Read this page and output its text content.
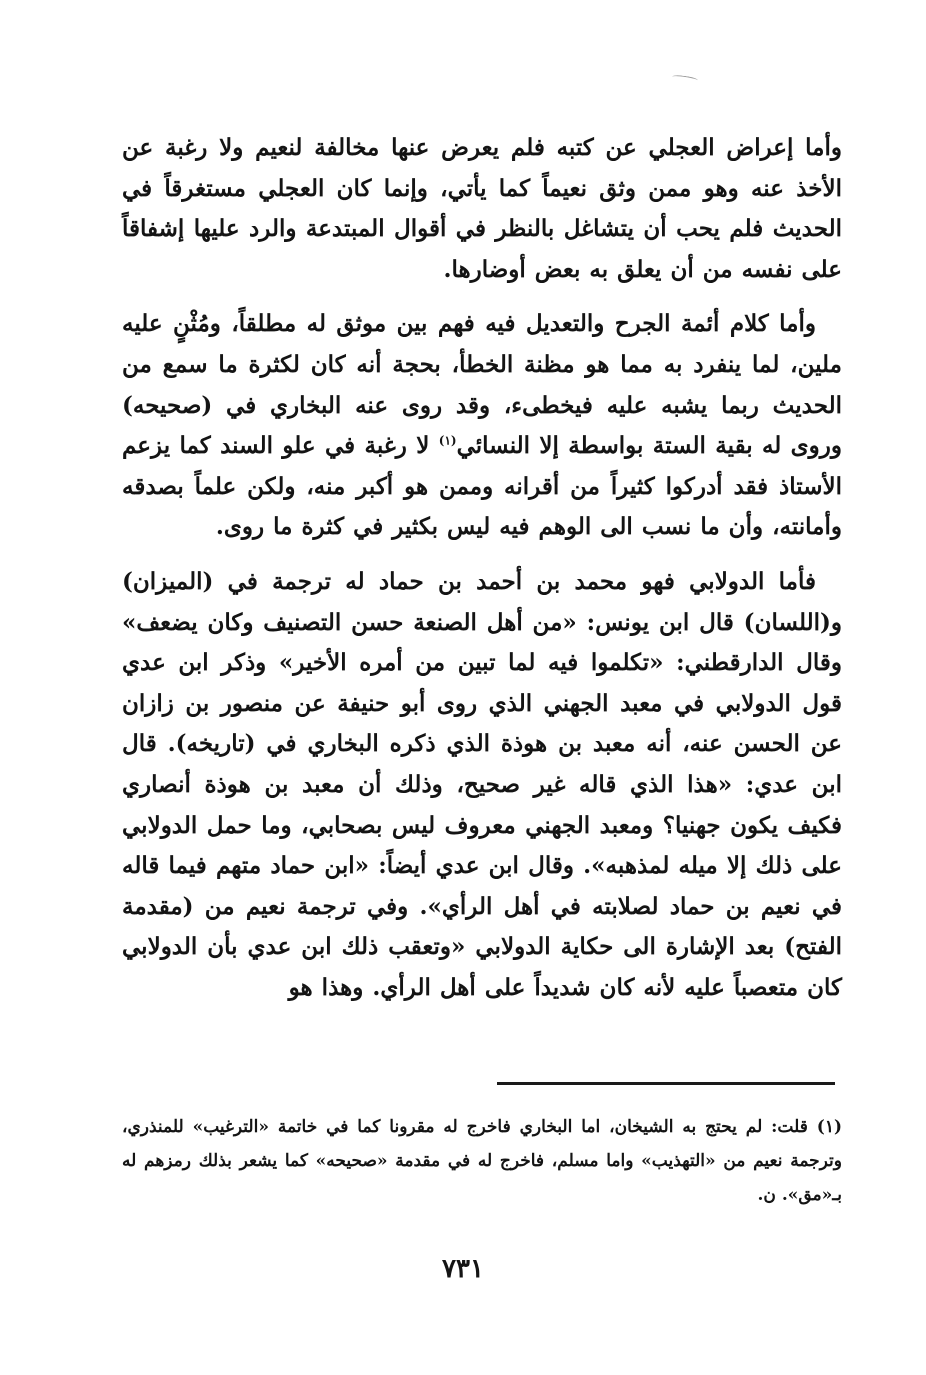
وأما إعراض العجلي عن كتبه فلم يعرض عنها مخالفة لنعيم ولا رغبة عن الأخذ عنه وهو ممن وثق نعيماً كما يأتي، وإنما كان العجلي مستغرقاً في الحديث فلم يحب أن يتشاغل بالنظر في أقوال المبتدعة والرد عليها إشفاقاً على نفسه من أن يعلق به بعض أوضارها.

وأما كلام أئمة الجرح والتعديل فيه فهم بين موثق له مطلقاً، ومُثْنٍ عليه ملين، لما ينفرد به مما هو مظنة الخطأ، بحجة أنه كان لكثرة ما سمع من الحديث ربما يشبه عليه فيخطىء، وقد روى عنه البخاري في (صحيحه) وروى له بقية الستة بواسطة إلا النسائي$^{(١)}$ لا رغبة في علو السند كما يزعم الأستاذ فقد أدركوا كثيراً من أقرانه وممن هو أكبر منه، ولكن علماً بصدقه وأمانته، وأن ما نسب الى الوهم فيه ليس بكثير في كثرة ما روى.

فأما الدولابي فهو محمد بن أحمد بن حماد له ترجمة في (الميزان) و(اللسان) قال ابن يونس: «من أهل الصنعة حسن التصنيف وكان يضعف» وقال الدارقطني: «تكلموا فيه لما تبين من أمره الأخير» وذكر ابن عدي قول الدولابي في معبد الجهني الذي روى أبو حنيفة عن منصور بن زازان عن الحسن عنه، أنه معبد بن هوذة الذي ذكره البخاري في (تاريخه). قال ابن عدي: «هذا الذي قاله غير صحيح، وذلك أن معبد بن هوذة أنصاري فكيف يكون جهنيا؟ ومعبد الجهني معروف ليس بصحابي، وما حمل الدولابي على ذلك إلا ميله لمذهبه». وقال ابن عدي أيضاً: «ابن حماد متهم فيما قاله في نعيم بن حماد لصلابته في أهل الرأي». وفي ترجمة نعيم من (مقدمة الفتح) بعد الإشارة الى حكاية الدولابي «وتعقب ذلك ابن عدي بأن الدولابي كان متعصباً عليه لأنه كان شديداً على أهل الرأي. وهذا هو

(١) قلت: لم يحتج به الشيخان، اما البخاري فاخرج له مقرونا كما في خاتمة «الترغيب» للمنذري، وترجمة نعيم من «التهذيب» واما مسلم، فاخرج له في مقدمة «صحيحه» كما يشعر بذلك رمزهم له بـ«مق». ن.

٧٣١
